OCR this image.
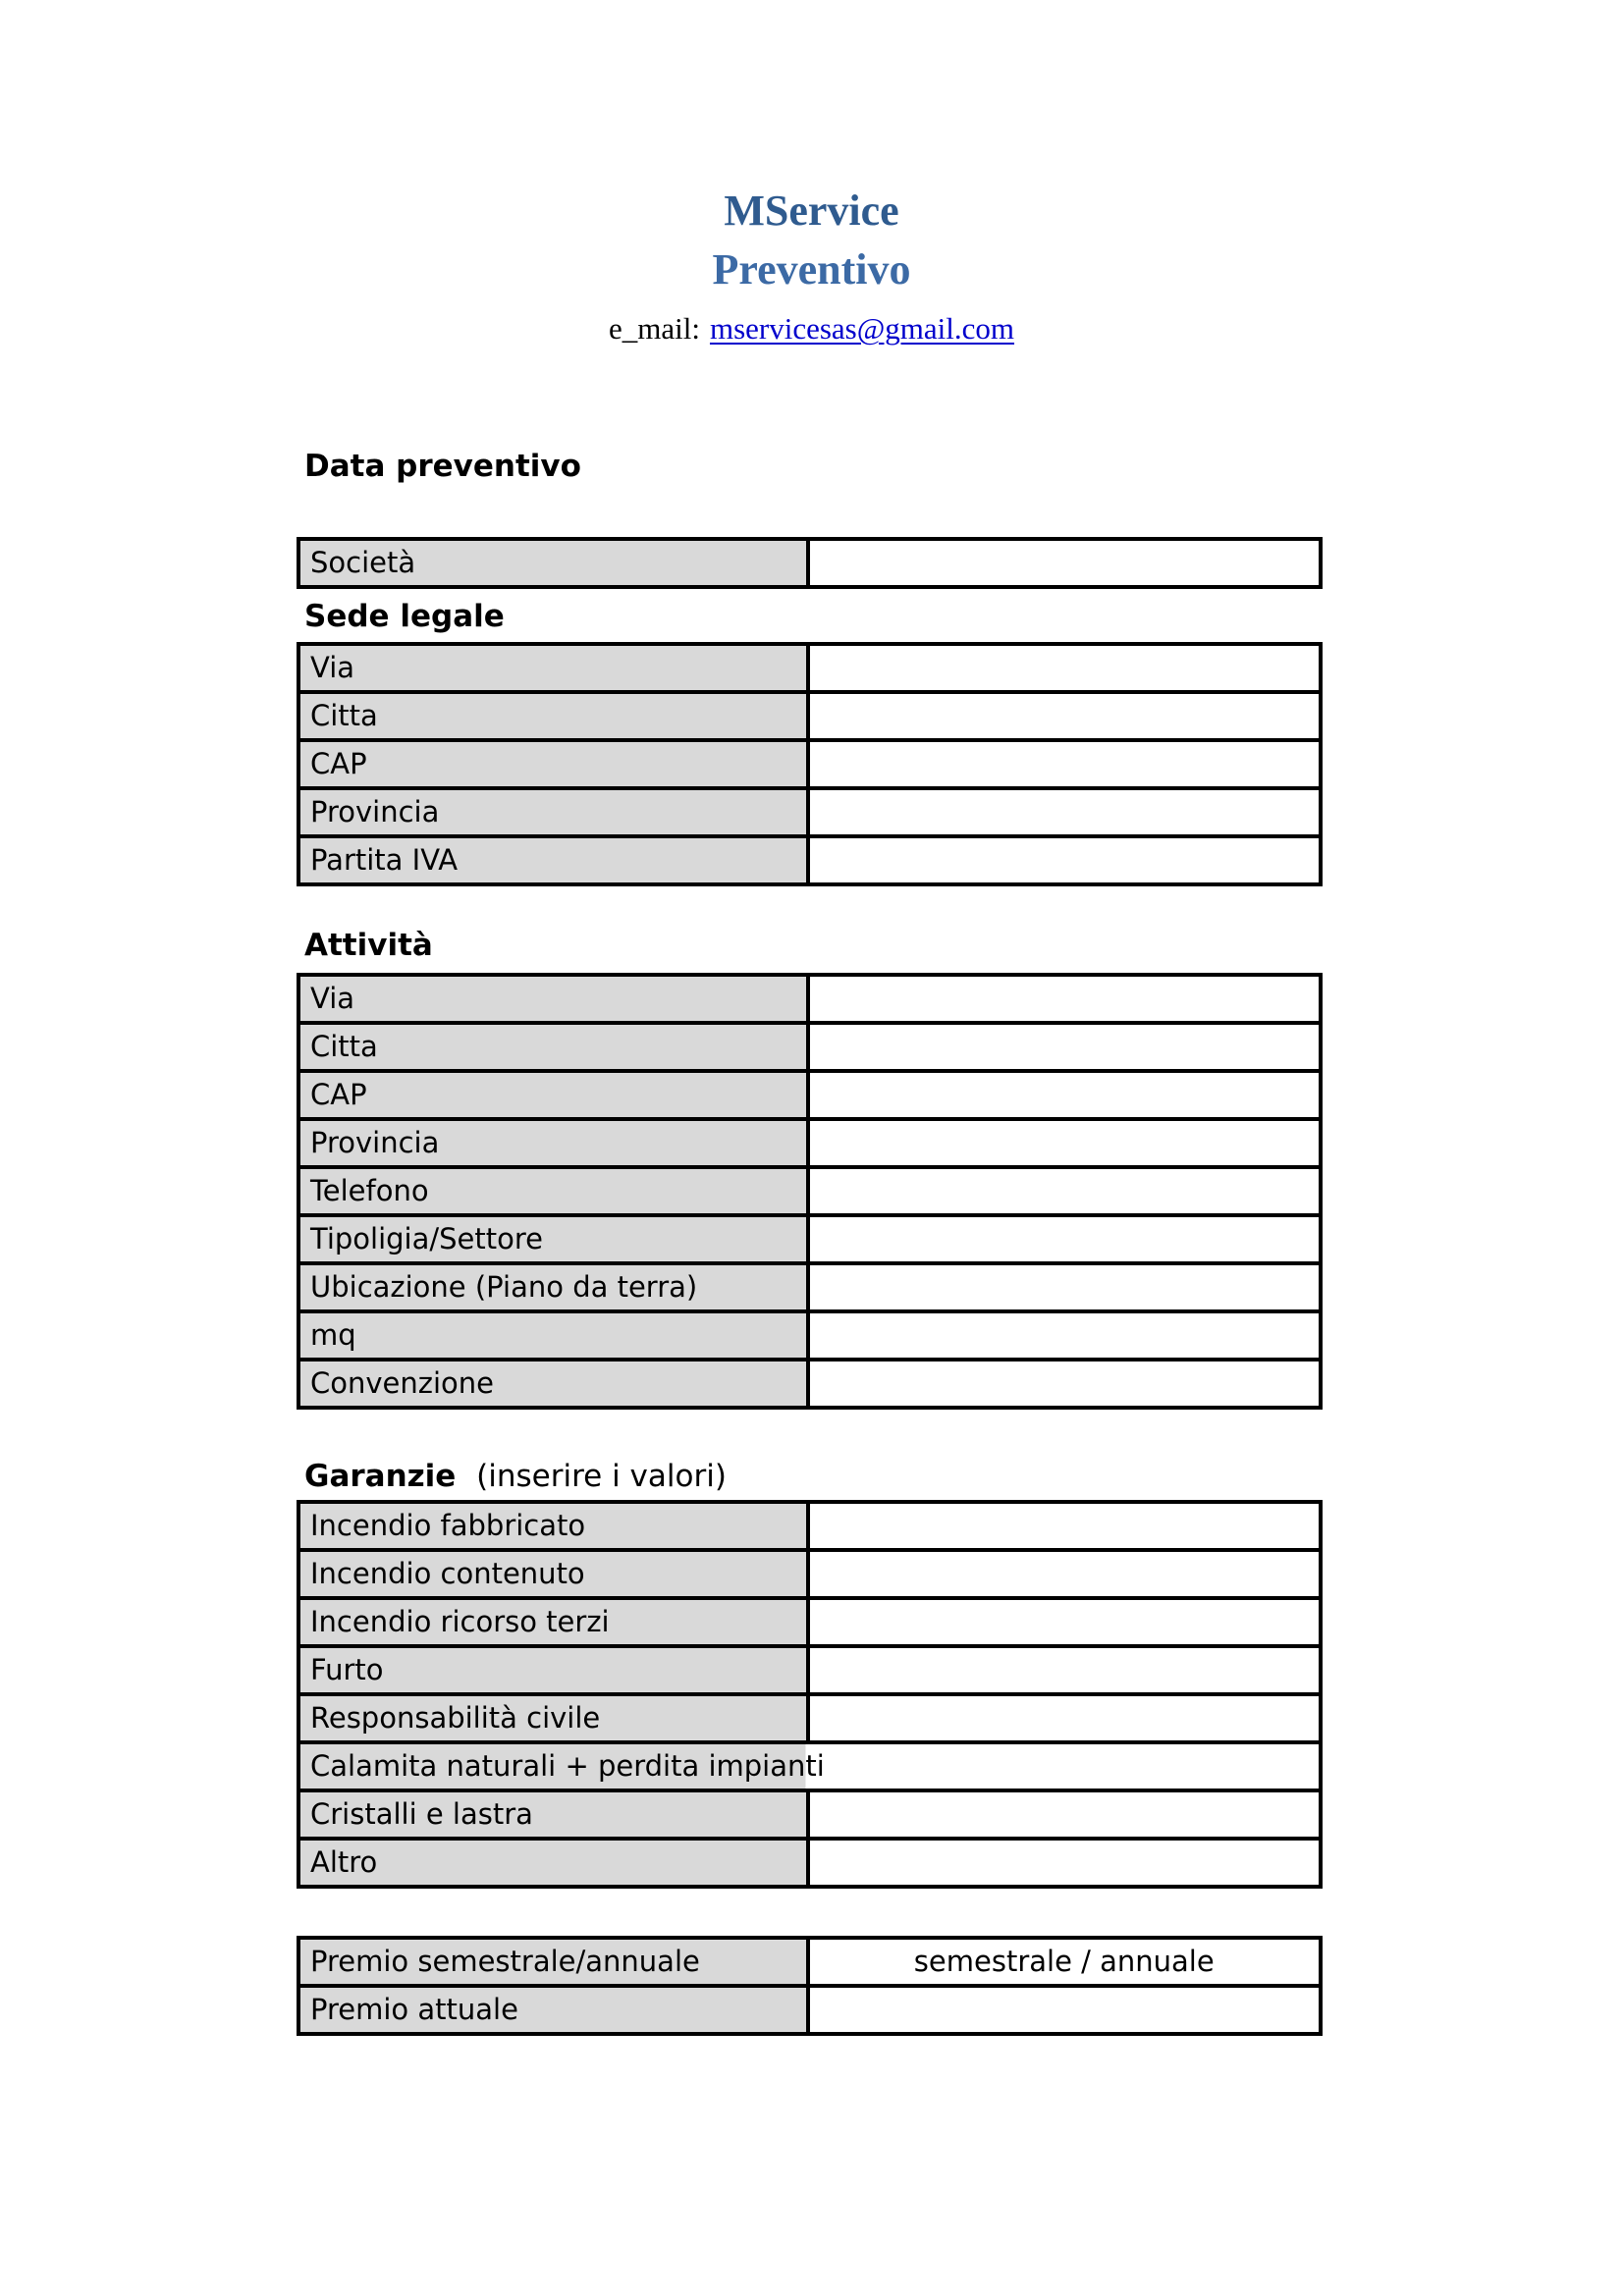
MService
Preventivo
e_mail: mservicesas@gmail.com
Data preventivo
Società
Sede legale
Via
Citta
CAP
Provincia
Partita IVA
Attività
Via
Citta
CAP
Provincia
Telefono
Tipoligia/Settore
Ubicazione (Piano da terra)
mq
Convenzione
Garanzie (inserire i valori)
Incendio fabbricato
Incendio contenuto
Incendio ricorso terzi
Furto
Responsabilità civile
Calamita naturali + perdita impianti
Cristalli e lastra
Altro
Premio semestrale/annuale	semestrale / annuale
Premio attuale
